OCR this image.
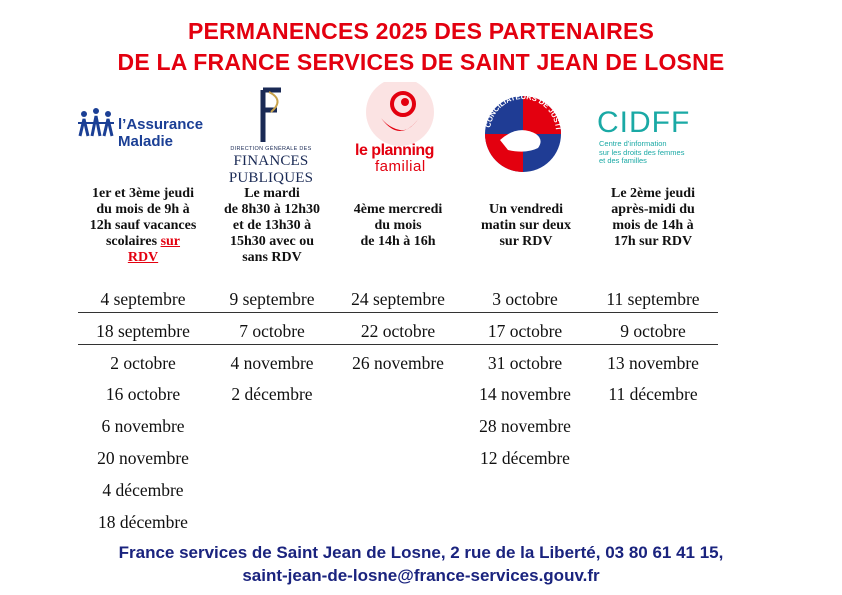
PERMANENCES 2025 DES PARTENAIRES
DE LA FRANCE SERVICES DE SAINT JEAN DE LOSNE
l’Assurance
Maladie	DIRECTION GÉNÉRALE DES
FINANCES PUBLIQUES
le planning
familial
CONCILIATEURS DE JUSTI CIDFF
Centre d’information
sur les droits des femmes
et des familles
1er et 3ème jeudi
du mois de 9h à
12h sauf vacances
scolaires sur
RDV
Le mardi
de 8h30 à 12h30
et de 13h30 à
15h30 avec ou
sans RDV
4ème mercredi
du mois
de 14h à 16h
Un vendredi
matin sur deux
sur RDV
Le 2ème jeudi
après-midi du
mois de 14h à
17h sur RDV
4 septembre
18 septembre
2 octobre
16 octobre
6 novembre
20 novembre
4 décembre
18 décembre
9 septembre
7 octobre
4 novembre
2 décembre
24 septembre
22 octobre
26 novembre
3 octobre
17 octobre
31 octobre
14 novembre
28 novembre
12 décembre
11 septembre
9 octobre
13 novembre
11 décembre
France services de Saint Jean de Losne, 2 rue de la Liberté, 03 80 61 41 15,
saint-jean-de-losne@france-services.gouv.fr
